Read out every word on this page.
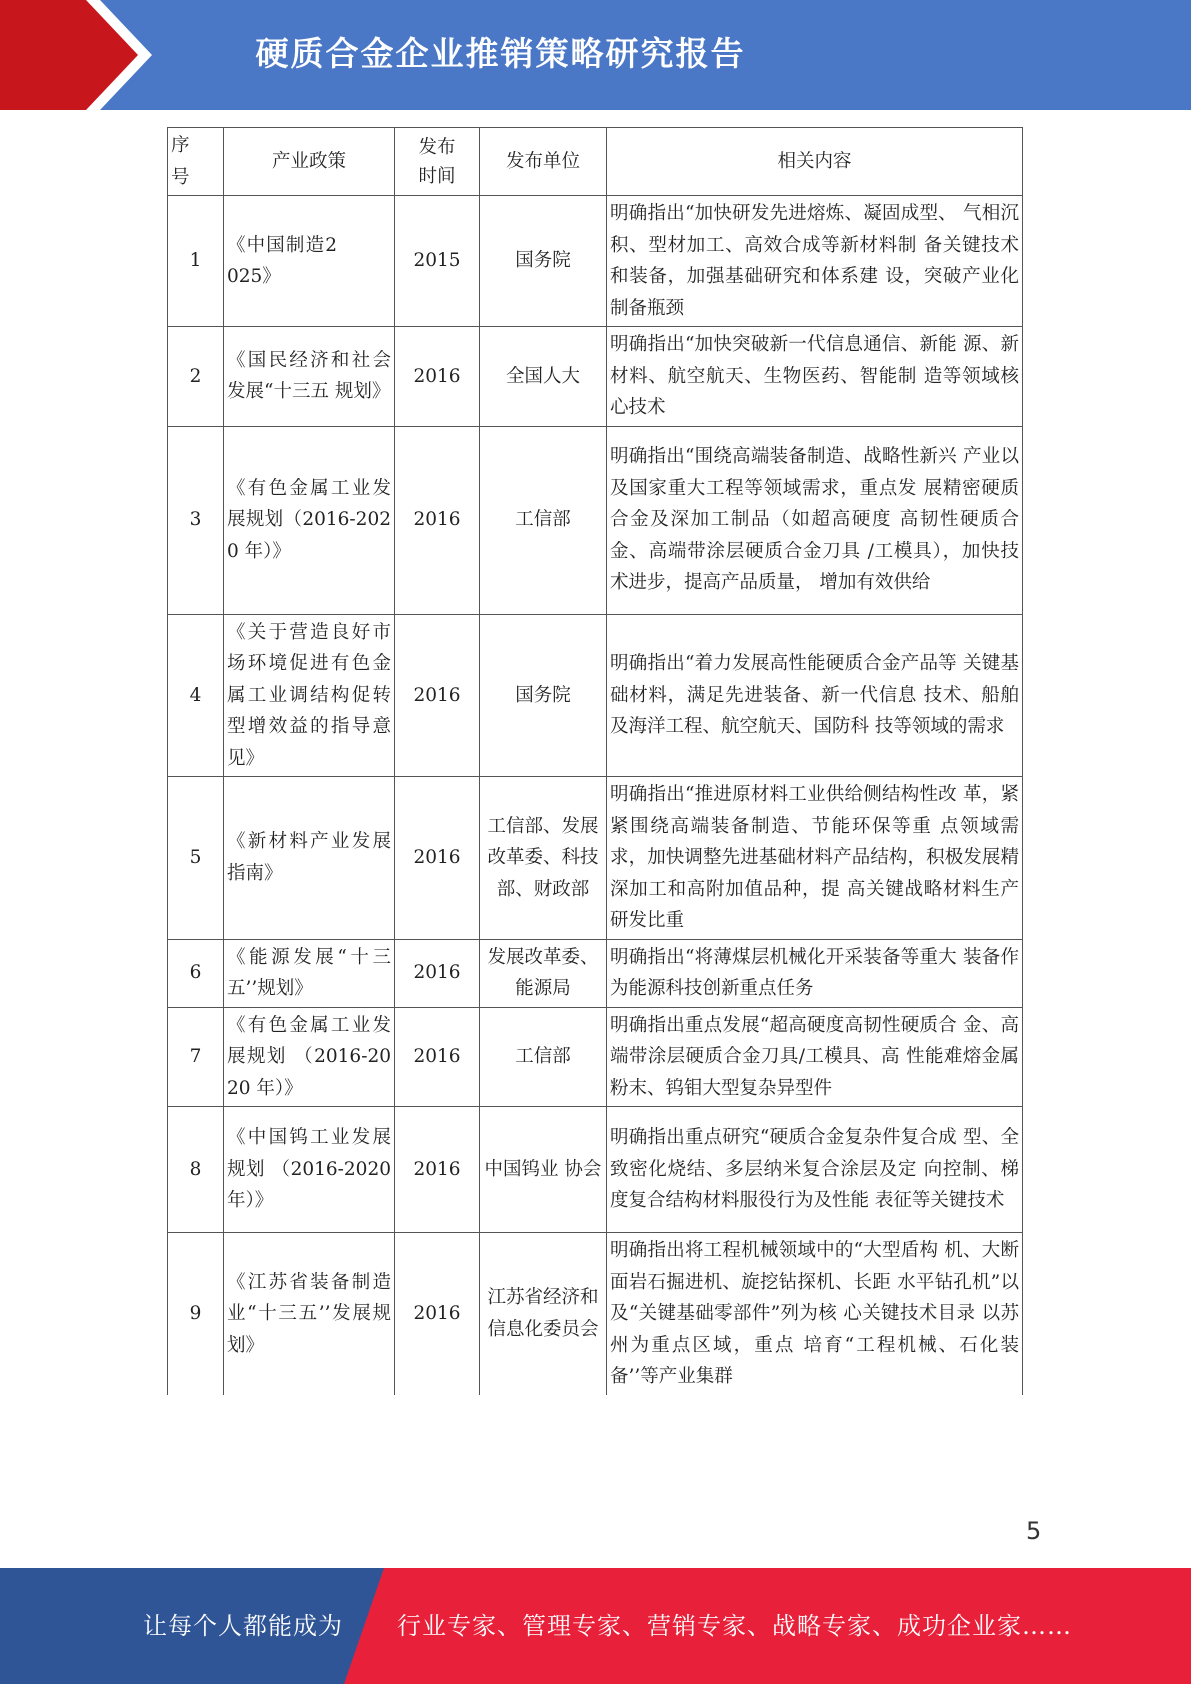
硬质合金企业推销策略研究报告
序 号	产业政策	发布时间	发布单位	相关内容
1	《中国制造2025》	2015	国务院	明确指出“加快研发先进熔炼、凝固成型、 气相沉积、型材加工、高效合成等新材料制 备关键技术和装备，加强基础研究和体系建 设，突破产业化制备瓶颈
2	《国民经济和社会发展“十三五 规划》	2016	全国人大	明确指出“加快突破新一代信息通信、新能 源、新材料、航空航天、生物医药、智能制 造等领域核心技术
3	《有色金属工业发展规划（2016-2020 年）》	2016	工信部	明确指出“围绕高端装备制造、战略性新兴 产业以及国家重大工程等领域需求，重点发 展精密硬质合金及深加工制品（如超高硬度 高韧性硬质合金、高端带涂层硬质合金刀具 /工模具），加快技术进步，提高产品质量， 增加有效供给
4	《关于营造良好市场环境促进有色金属工业调结构促转型增效益的指导意见》	2016	国务院	明确指出“着力发展高性能硬质合金产品等 关键基础材料，满足先进装备、新一代信息 技术、船舶及海洋工程、航空航天、国防科 技等领域的需求
5	《新材料产业发展指南》	2016	工信部、发展改革委、科技部、财政部	明确指出“推进原材料工业供给侧结构性改 革，紧紧围绕高端装备制造、节能环保等重 点领域需求，加快调整先进基础材料产品结构，积极发展精深加工和高附加值品种，提 高关键战略材料生产研发比重
6	《能源发展“十三五’’规划》	2016	发展改革委、能源局	明确指出“将薄煤层机械化开采装备等重大 装备作为能源科技创新重点任务
7	《有色金属工业发展规划 （2016-2020 年）》	2016	工信部	明确指出重点发展“超高硬度高韧性硬质合 金、高端带涂层硬质合金刀具/工模具、高 性能难熔金属粉末、钨钼大型复杂异型件
8	《中国钨工业发展规划 （2016-2020 年）》	2016	中国钨业 协会	明确指出重点研究“硬质合金复杂件复合成 型、全致密化烧结、多层纳米复合涂层及定 向控制、梯度复合结构材料服役行为及性能 表征等关键技术
9	《江苏省装备制造业“十三五’’发展规划》	2016	江苏省经济和信息化委员会	明确指出将工程机械领域中的“大型盾构 机、大断面岩石掘进机、旋挖钻探机、长距 水平钻孔机”以及“关键基础零部件”列为核 心关键技术目录 以苏州为重点区域，重点 培育“工程机械、石化装备’’等产业集群
5
让每个人都能成为 行业专家、管理专家、营销专家、战略专家、成功企业家……
